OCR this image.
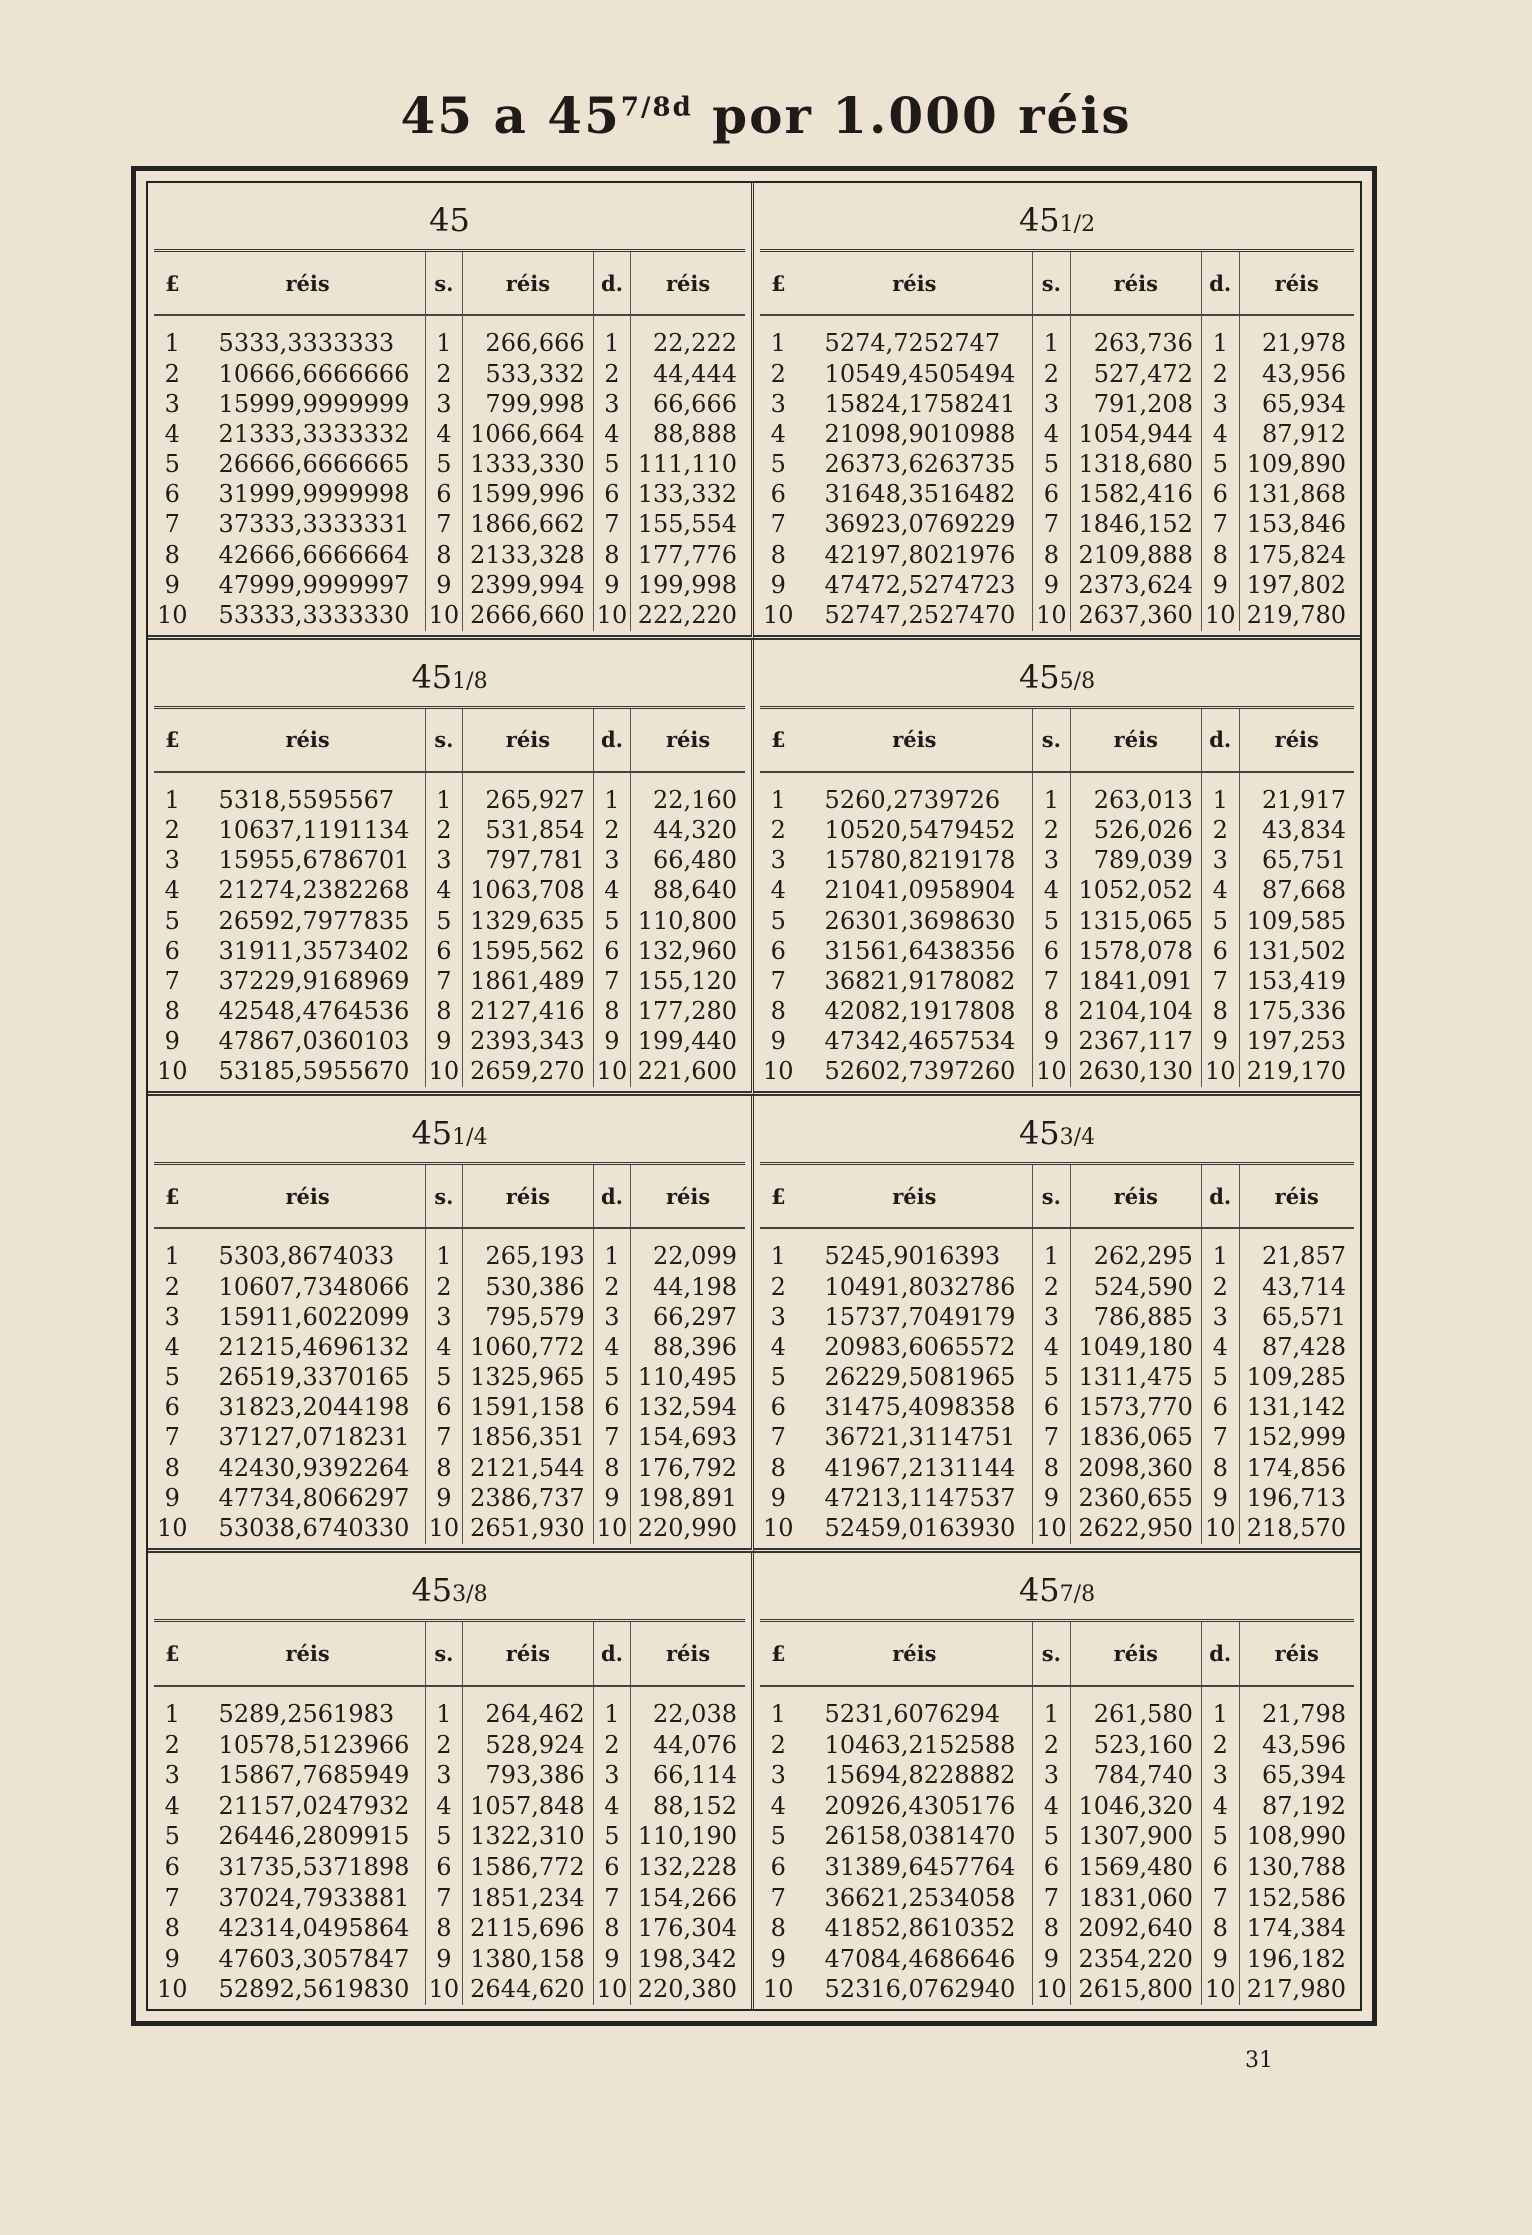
45 a $45^{7/8d}$ por 1.000 réis
45
£	réis	s.	réis	d.	réis
1	5333,3333333	1	266,666	1	22,222
2	10666,6666666	2	533,332	2	44,444
3	15999,9999999	3	799,998	3	66,666
4	21333,3333332	4	1066,664	4	88,888
5	26666,6666665	5	1333,330	5	111,110
6	31999,9999998	6	1599,996	6	133,332
7	37333,3333331	7	1866,662	7	155,554
8	42666,6666664	8	2133,328	8	177,776
9	47999,9999997	9	2399,994	9	199,998
10	53333,3333330	10	2666,660	10	222,220
451/2
£	réis	s.	réis	d.	réis
1	5274,7252747	1	263,736	1	21,978
2	10549,4505494	2	527,472	2	43,956
3	15824,1758241	3	791,208	3	65,934
4	21098,9010988	4	1054,944	4	87,912
5	26373,6263735	5	1318,680	5	109,890
6	31648,3516482	6	1582,416	6	131,868
7	36923,0769229	7	1846,152	7	153,846
8	42197,8021976	8	2109,888	8	175,824
9	47472,5274723	9	2373,624	9	197,802
10	52747,2527470	10	2637,360	10	219,780
451/8
£	réis	s.	réis	d.	réis
1	5318,5595567	1	265,927	1	22,160
2	10637,1191134	2	531,854	2	44,320
3	15955,6786701	3	797,781	3	66,480
4	21274,2382268	4	1063,708	4	88,640
5	26592,7977835	5	1329,635	5	110,800
6	31911,3573402	6	1595,562	6	132,960
7	37229,9168969	7	1861,489	7	155,120
8	42548,4764536	8	2127,416	8	177,280
9	47867,0360103	9	2393,343	9	199,440
10	53185,5955670	10	2659,270	10	221,600
455/8
£	réis	s.	réis	d.	réis
1	5260,2739726	1	263,013	1	21,917
2	10520,5479452	2	526,026	2	43,834
3	15780,8219178	3	789,039	3	65,751
4	21041,0958904	4	1052,052	4	87,668
5	26301,3698630	5	1315,065	5	109,585
6	31561,6438356	6	1578,078	6	131,502
7	36821,9178082	7	1841,091	7	153,419
8	42082,1917808	8	2104,104	8	175,336
9	47342,4657534	9	2367,117	9	197,253
10	52602,7397260	10	2630,130	10	219,170
451/4
£	réis	s.	réis	d.	réis
1	5303,8674033	1	265,193	1	22,099
2	10607,7348066	2	530,386	2	44,198
3	15911,6022099	3	795,579	3	66,297
4	21215,4696132	4	1060,772	4	88,396
5	26519,3370165	5	1325,965	5	110,495
6	31823,2044198	6	1591,158	6	132,594
7	37127,0718231	7	1856,351	7	154,693
8	42430,9392264	8	2121,544	8	176,792
9	47734,8066297	9	2386,737	9	198,891
10	53038,6740330	10	2651,930	10	220,990
453/4
£	réis	s.	réis	d.	réis
1	5245,9016393	1	262,295	1	21,857
2	10491,8032786	2	524,590	2	43,714
3	15737,7049179	3	786,885	3	65,571
4	20983,6065572	4	1049,180	4	87,428
5	26229,5081965	5	1311,475	5	109,285
6	31475,4098358	6	1573,770	6	131,142
7	36721,3114751	7	1836,065	7	152,999
8	41967,2131144	8	2098,360	8	174,856
9	47213,1147537	9	2360,655	9	196,713
10	52459,0163930	10	2622,950	10	218,570
453/8
£	réis	s.	réis	d.	réis
1	5289,2561983	1	264,462	1	22,038
2	10578,5123966	2	528,924	2	44,076
3	15867,7685949	3	793,386	3	66,114
4	21157,0247932	4	1057,848	4	88,152
5	26446,2809915	5	1322,310	5	110,190
6	31735,5371898	6	1586,772	6	132,228
7	37024,7933881	7	1851,234	7	154,266
8	42314,0495864	8	2115,696	8	176,304
9	47603,3057847	9	1380,158	9	198,342
10	52892,5619830	10	2644,620	10	220,380
457/8
£	réis	s.	réis	d.	réis
1	5231,6076294	1	261,580	1	21,798
2	10463,2152588	2	523,160	2	43,596
3	15694,8228882	3	784,740	3	65,394
4	20926,4305176	4	1046,320	4	87,192
5	26158,0381470	5	1307,900	5	108,990
6	31389,6457764	6	1569,480	6	130,788
7	36621,2534058	7	1831,060	7	152,586
8	41852,8610352	8	2092,640	8	174,384
9	47084,4686646	9	2354,220	9	196,182
10	52316,0762940	10	2615,800	10	217,980
31
